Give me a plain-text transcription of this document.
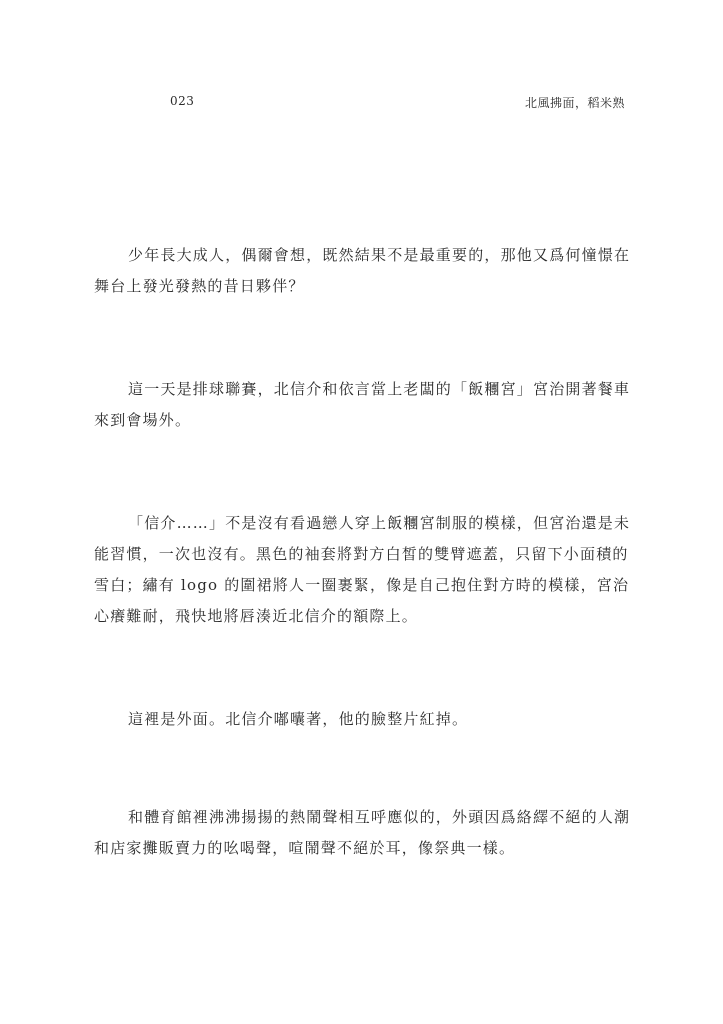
023	北風拂面，稻米熟

少年長大成人，偶爾會想，既然結果不是最重要的，那他又爲何憧憬在舞台上發光發熱的昔日夥伴？

這一天是排球聯賽，北信介和依言當上老闆的「飯糰宮」宮治開著餐車來到會場外。

「信介……」不是沒有看過戀人穿上飯糰宮制服的模樣，但宮治還是未能習慣，一次也沒有。黑色的袖套將對方白皙的雙臂遮蓋，只留下小面積的雪白；繡有 logo 的圍裙將人一圈裹緊，像是自己抱住對方時的模樣，宮治心癢難耐，飛快地將唇湊近北信介的額際上。

這裡是外面。北信介嘟囔著，他的臉整片紅掉。

和體育館裡沸沸揚揚的熱鬧聲相互呼應似的，外頭因爲絡繹不絕的人潮和店家攤販賣力的吆喝聲，喧鬧聲不絕於耳，像祭典一樣。
